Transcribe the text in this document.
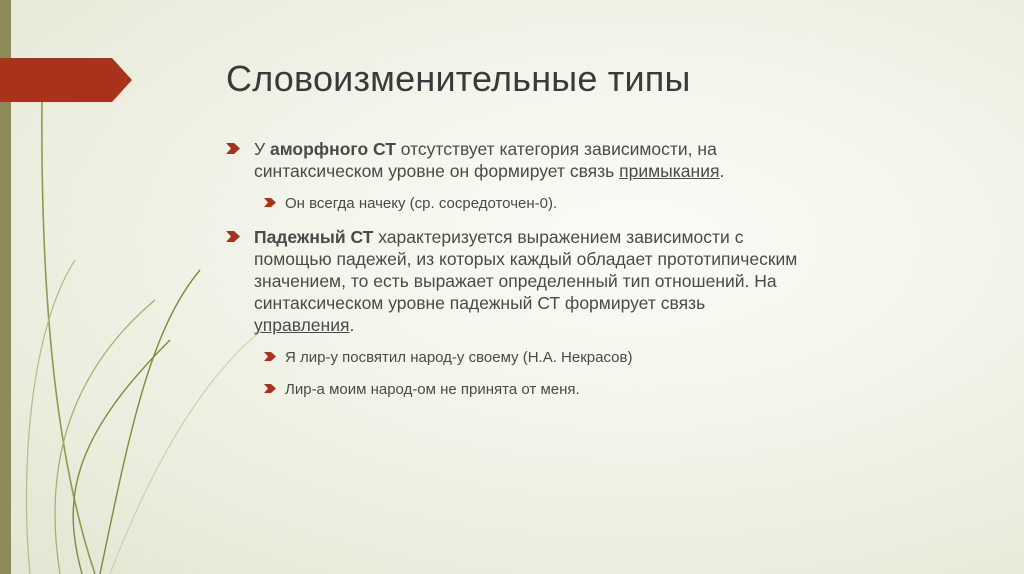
Словоизменительные типы
У аморфного СТ отсутствует категория зависимости, на синтаксическом уровне он формирует связь примыкания.
Он всегда начеку (ср. сосредоточен-0).
Падежный СТ характеризуется выражением зависимости с помощью падежей, из которых каждый обладает прототипическим значением, то есть выражает определенный тип отношений. На синтаксическом уровне падежный СТ формирует связь управления.
Я лир-у посвятил народ-у своему (Н.А. Некрасов)
Лир-а моим народ-ом не принята от меня.
